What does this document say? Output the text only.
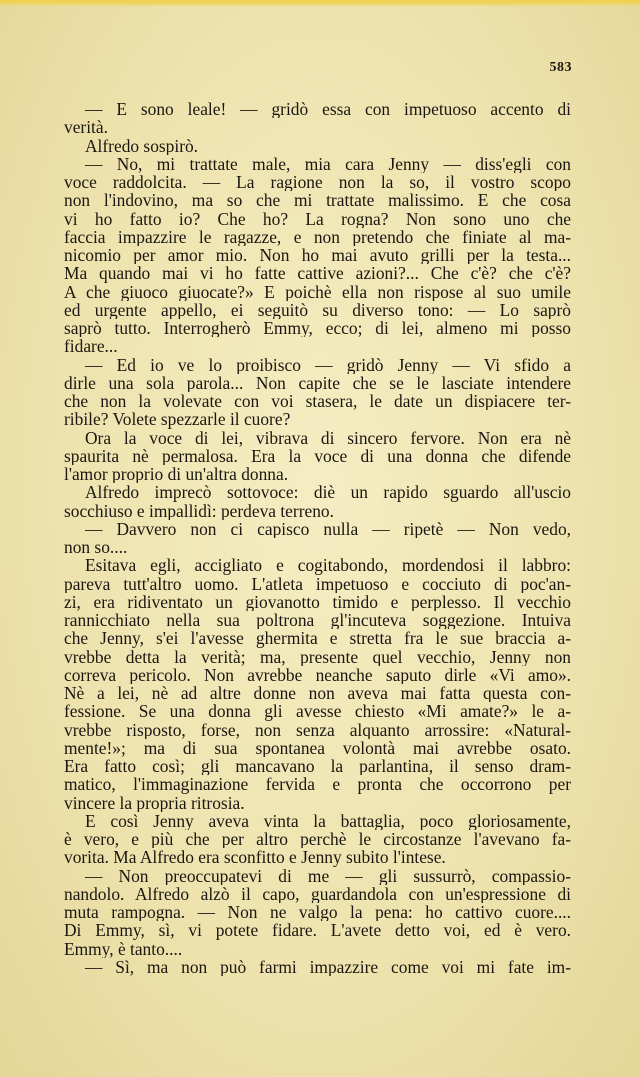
583

— E sono leale! — gridò essa con impetuoso accento di

verità.

Alfredo sospirò.

— No, mi trattate male, mia cara Jenny — diss'egli con

voce raddolcita. — La ragione non la so, il vostro scopo

non l'indovino, ma so che mi trattate malissimo. E che cosa

vi ho fatto io? Che ho? La rogna? Non sono uno che

faccia impazzire le ragazze, e non pretendo che finiate al ma-

nicomio per amor mio. Non ho mai avuto grilli per la testa...

Ma quando mai vi ho fatte cattive azioni?... Che c'è? che c'è?

A che giuoco giuocate?» E poichè ella non rispose al suo umile

ed urgente appello, ei seguitò su diverso tono: — Lo saprò

saprò tutto. Interrogherò Emmy, ecco; di lei, almeno mi posso

fidare...

— Ed io ve lo proibisco — gridò Jenny — Vi sfido a

dirle una sola parola... Non capite che se le lasciate intendere

che non la volevate con voi stasera, le date un dispiacere ter-

ribile? Volete spezzarle il cuore?

Ora la voce di lei, vibrava di sincero fervore. Non era nè

spaurita nè permalosa. Era la voce di una donna che difende

l'amor proprio di un'altra donna.

Alfredo imprecò sottovoce: diè un rapido sguardo all'uscio

socchiuso e impallidì: perdeva terreno.

— Davvero non ci capisco nulla — ripetè — Non vedo,

non so....

Esitava egli, accigliato e cogitabondo, mordendosi il labbro:

pareva tutt'altro uomo. L'atleta impetuoso e cocciuto di poc'an-

zi, era ridiventato un giovanotto timido e perplesso. Il vecchio

rannicchiato nella sua poltrona gl'incuteva soggezione. Intuiva

che Jenny, s'ei l'avesse ghermita e stretta fra le sue braccia a-

vrebbe detta la verità; ma, presente quel vecchio, Jenny non

correva pericolo. Non avrebbe neanche saputo dirle «Vi amo».

Nè a lei, nè ad altre donne non aveva mai fatta questa con-

fessione. Se una donna gli avesse chiesto «Mi amate?» le a-

vrebbe risposto, forse, non senza alquanto arrossire: «Natural-

mente!»; ma di sua spontanea volontà mai avrebbe osato.

Era fatto così; gli mancavano la parlantina, il senso dram-

matico, l'immaginazione fervida e pronta che occorrono per

vincere la propria ritrosia.

E così Jenny aveva vinta la battaglia, poco gloriosamente,

è vero, e più che per altro perchè le circostanze l'avevano fa-

vorita. Ma Alfredo era sconfitto e Jenny subito l'intese.

— Non preoccupatevi di me — gli sussurrò, compassio-

nandolo. Alfredo alzò il capo, guardandola con un'espressione di

muta rampogna. — Non ne valgo la pena: ho cattivo cuore....

Di Emmy, sì, vi potete fidare. L'avete detto voi, ed è vero.

Emmy, è tanto....

— Sì, ma non può farmi impazzire come voi mi fate im-
